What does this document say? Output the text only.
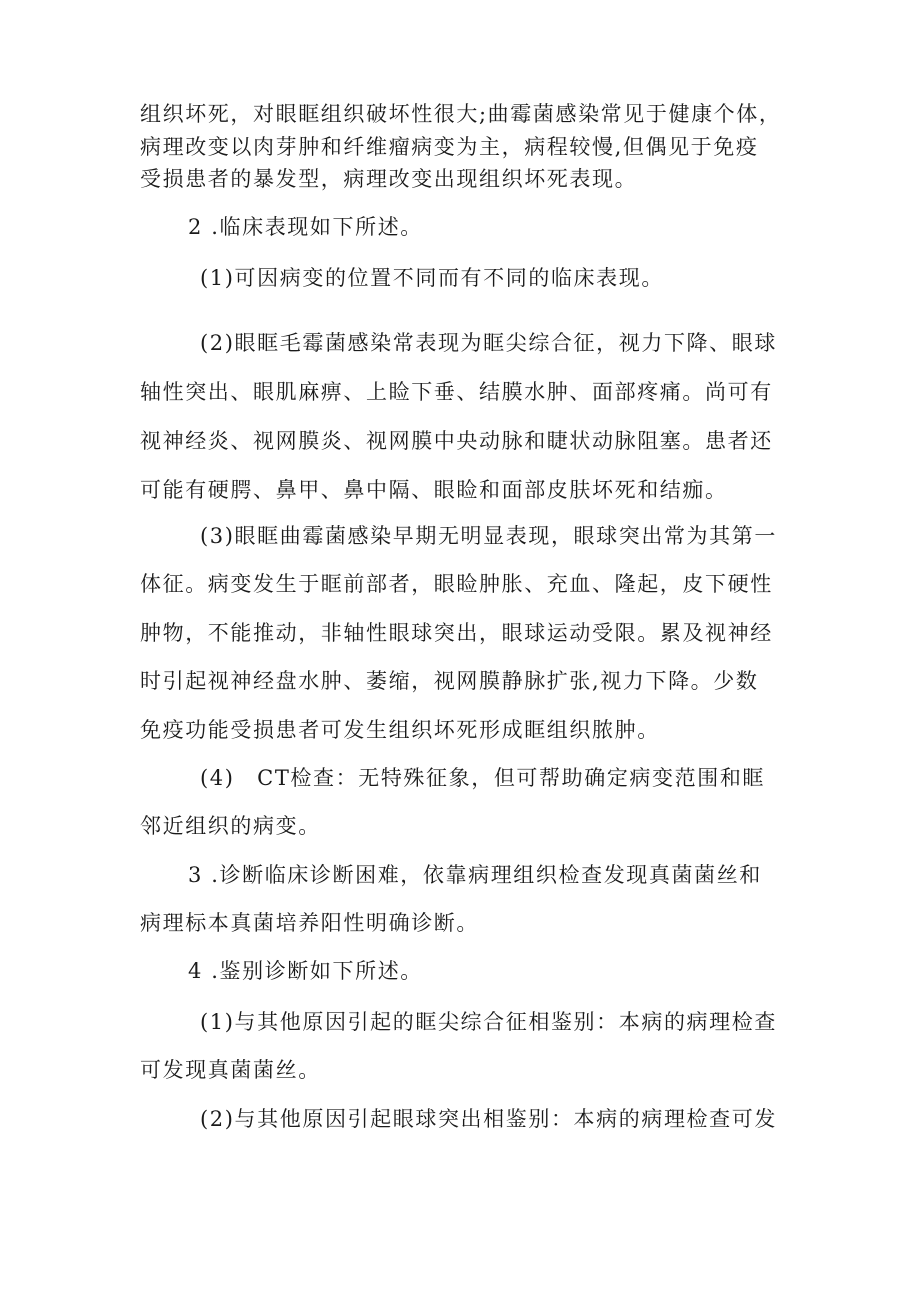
组织坏死，对眼眶组织破坏性很大;曲霉菌感染常见于健康个体，
病理改变以肉芽肿和纤维瘤病变为主，病程较慢,但偶见于免疫
受损患者的暴发型，病理改变出现组织坏死表现。
2 .临床表现如下所述。
(1)可因病变的位置不同而有不同的临床表现。
(2)眼眶毛霉菌感染常表现为眶尖综合征，视力下降、眼球
轴性突出、眼肌麻痹、上睑下垂、结膜水肿、面部疼痛。尚可有
视神经炎、视网膜炎、视网膜中央动脉和睫状动脉阻塞。患者还
可能有硬腭、鼻甲、鼻中隔、眼睑和面部皮肤坏死和结痂。
(3)眼眶曲霉菌感染早期无明显表现，眼球突出常为其第一
体征。病变发生于眶前部者，眼睑肿胀、充血、隆起，皮下硬性
肿物，不能推动，非轴性眼球突出，眼球运动受限。累及视神经
时引起视神经盘水肿、萎缩，视网膜静脉扩张,视力下降。少数
免疫功能受损患者可发生组织坏死形成眶组织脓肿。
(4)　CT检查：无特殊征象，但可帮助确定病变范围和眶
邻近组织的病变。
3 .诊断临床诊断困难，依靠病理组织检查发现真菌菌丝和
病理标本真菌培养阳性明确诊断。
4 .鉴别诊断如下所述。
(1)与其他原因引起的眶尖综合征相鉴别：本病的病理检查
可发现真菌菌丝。
(2)与其他原因引起眼球突出相鉴别：本病的病理检查可发
